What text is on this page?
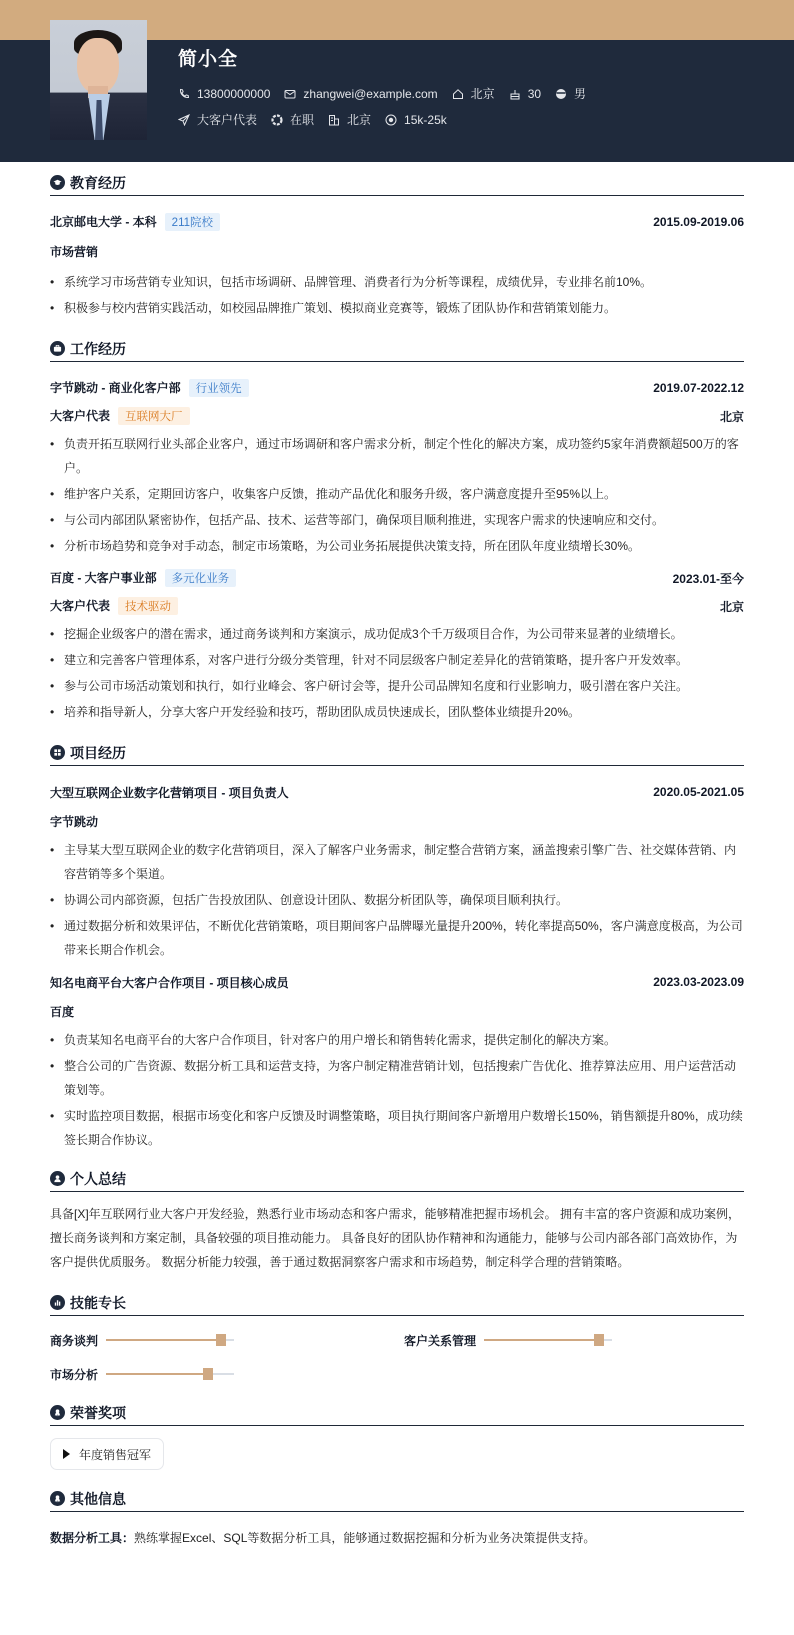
简小全
13800000000	zhangwei@example.com	北京	30	男
大客户代表	在职	北京	15k-25k
教育经历
北京邮电大学 - 本科 211院校	2015.09-2019.06
市场营销
• 系统学习市场营销专业知识，包括市场调研、品牌管理、消费者行为分析等课程，成绩优异，专业排名前10%。
• 积极参与校内营销实践活动，如校园品牌推广策划、模拟商业竞赛等，锻炼了团队协作和营销策划能力。
工作经历
字节跳动 - 商业化客户部 行业领先	2019.07-2022.12
大客户代表 互联网大厂	北京
• 负责开拓互联网行业头部企业客户，通过市场调研和客户需求分析，制定个性化的解决方案，成功签约5家年消费额超500万的客户。
• 维护客户关系，定期回访客户，收集客户反馈，推动产品优化和服务升级，客户满意度提升至95%以上。
• 与公司内部团队紧密协作，包括产品、技术、运营等部门，确保项目顺利推进，实现客户需求的快速响应和交付。
• 分析市场趋势和竞争对手动态，制定市场策略，为公司业务拓展提供决策支持，所在团队年度业绩增长30%。
百度 - 大客户事业部 多元化业务	2023.01-至今
大客户代表 技术驱动	北京
• 挖掘企业级客户的潜在需求，通过商务谈判和方案演示，成功促成3个千万级项目合作，为公司带来显著的业绩增长。
• 建立和完善客户管理体系，对客户进行分级分类管理，针对不同层级客户制定差异化的营销策略，提升客户开发效率。
• 参与公司市场活动策划和执行，如行业峰会、客户研讨会等，提升公司品牌知名度和行业影响力，吸引潜在客户关注。
• 培养和指导新人，分享大客户开发经验和技巧，帮助团队成员快速成长，团队整体业绩提升20%。
项目经历
大型互联网企业数字化营销项目 - 项目负责人	2020.05-2021.05
字节跳动
• 主导某大型互联网企业的数字化营销项目，深入了解客户业务需求，制定整合营销方案，涵盖搜索引擎广告、社交媒体营销、内容营销等多个渠道。
• 协调公司内部资源，包括广告投放团队、创意设计团队、数据分析团队等，确保项目顺利执行。
• 通过数据分析和效果评估，不断优化营销策略，项目期间客户品牌曝光量提升200%，转化率提高50%，客户满意度极高，为公司带来长期合作机会。
知名电商平台大客户合作项目 - 项目核心成员	2023.03-2023.09
百度
• 负责某知名电商平台的大客户合作项目，针对客户的用户增长和销售转化需求，提供定制化的解决方案。
• 整合公司的广告资源、数据分析工具和运营支持，为客户制定精准营销计划，包括搜索广告优化、推荐算法应用、用户运营活动策划等。
• 实时监控项目数据，根据市场变化和客户反馈及时调整策略，项目执行期间客户新增用户数增长150%，销售额提升80%，成功续签长期合作协议。
个人总结

具备[X]年互联网行业大客户开发经验，熟悉行业市场动态和客户需求，能够精准把握市场机会。 拥有丰富的客户资源和成功案例，擅长商务谈判和方案定制，具备较强的项目推动能力。 具备良好的团队协作精神和沟通能力，能够与公司内部各部门高效协作，为客户提供优质服务。 数据分析能力较强，善于通过数据洞察客户需求和市场趋势，制定科学合理的营销策略。

技能专长
商务谈判	客户关系管理
市场分析
荣誉奖项
年度销售冠军
其他信息

数据分析工具：熟练掌握Excel、SQL等数据分析工具，能够通过数据挖掘和分析为业务决策提供支持。
